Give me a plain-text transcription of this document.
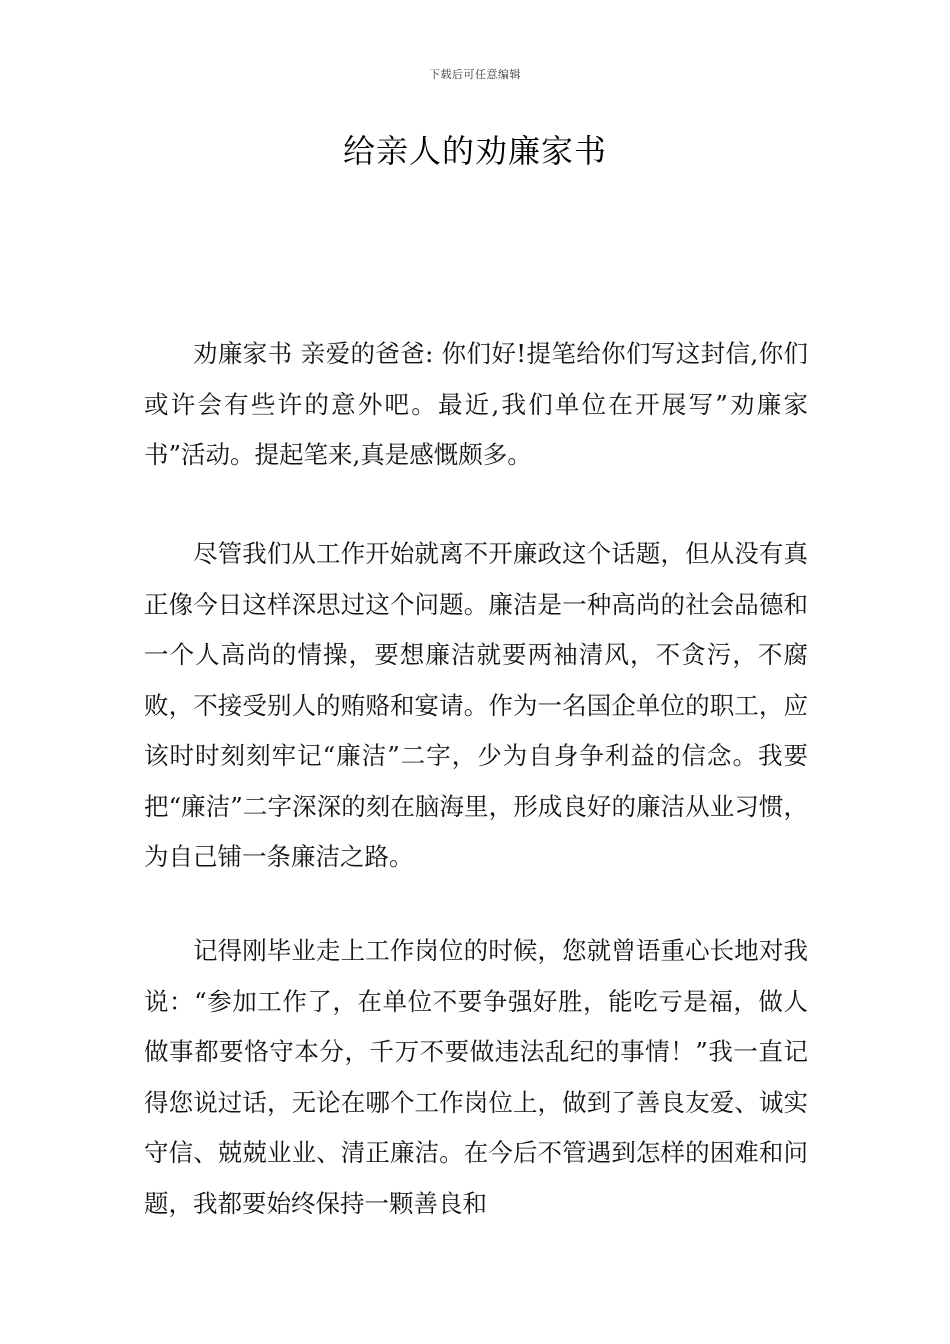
下载后可任意编辑
给亲人的劝廉家书

劝廉家书 亲爱的爸爸: 你们好!提笔给你们写这封信,你们或许会有些许的意外吧。最近,我们单位在开展写”劝廉家书”活动。提起笔来,真是感慨颇多。

尽管我们从工作开始就离不开廉政这个话题，但从没有真正像今日这样深思过这个问题。廉洁是一种高尚的社会品德和一个人高尚的情操，要想廉洁就要两袖清风，不贪污，不腐败，不接受别人的贿赂和宴请。作为一名国企单位的职工，应该时时刻刻牢记“廉洁”二字，少为自身争利益的信念。我要把“廉洁”二字深深的刻在脑海里，形成良好的廉洁从业习惯，为自己铺一条廉洁之路。

记得刚毕业走上工作岗位的时候，您就曾语重心长地对我说：“参加工作了，在单位不要争强好胜，能吃亏是福，做人做事都要恪守本分，千万不要做违法乱纪的事情！”我一直记得您说过话，无论在哪个工作岗位上，做到了善良友爱、诚实守信、兢兢业业、清正廉洁。在今后不管遇到怎样的困难和问题，我都要始终保持一颗善良和
